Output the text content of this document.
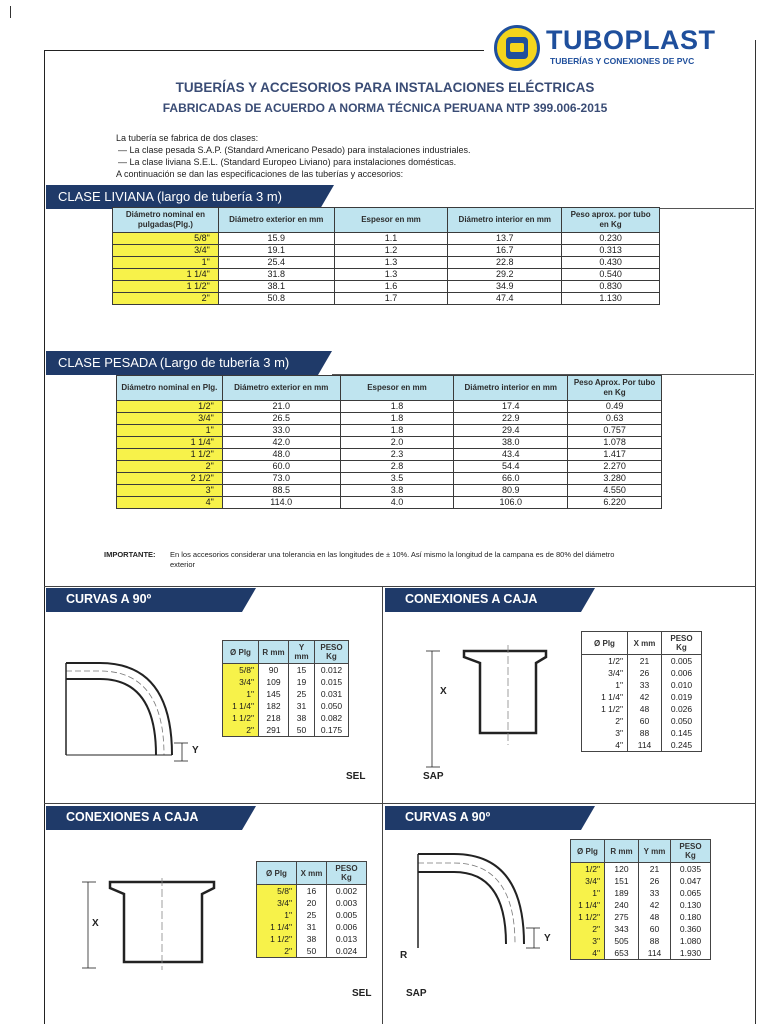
TUBOPLAST
TUBERÍAS Y CONEXIONES DE PVC
TUBERÍAS Y ACCESORIOS PARA INSTALACIONES ELÉCTRICAS
FABRICADAS DE ACUERDO A NORMA TÉCNICA PERUANA NTP 399.006-2015
La tubería se fabrica de dos clases:
— La clase pesada S.A.P. (Standard Americano Pesado) para instalaciones industriales.
— La clase liviana S.E.L. (Standard Europeo Liviano) para instalaciones domésticas.
A continuación se dan las especificaciones de las tuberías y accesorios:
CLASE LIVIANA (largo de tubería 3 m)
Diámetro nominal en pulgadas(Plg.)	Diámetro exterior en mm	Espesor en mm	Diámetro interior en mm	Peso aprox. por tubo en Kg
5/8"	15.9	1.1	13.7	0.230
3/4"	19.1	1.2	16.7	0.313
1"	25.4	1.3	22.8	0.430
1 1/4"	31.8	1.3	29.2	0.540
1 1/2"	38.1	1.6	34.9	0.830
2"	50.8	1.7	47.4	1.130
CLASE PESADA (Largo de tubería 3 m)
Diámetro nominal en Plg.	Diámetro exterior en mm	Espesor en mm	Diámetro interior en mm	Peso Aprox. Por tubo en Kg
1/2"	21.0	1.8	17.4	0.49
3/4"	26.5	1.8	22.9	0.63
1"	33.0	1.8	29.4	0.757
1 1/4"	42.0	2.0	38.0	1.078
1 1/2"	48.0	2.3	43.4	1.417
2"	60.0	2.8	54.4	2.270
2 1/2"	73.0	3.5	66.0	3.280
3"	88.5	3.8	80.9	4.550
4"	114.0	4.0	106.0	6.220
IMPORTANTE: En los accesorios considerar una tolerancia en las longitudes de ± 10%. Así mismo la longitud de la campana es de 80% del diámetro exterior
CURVAS A 90º
Y
Ø Plg	R mm	Y mm	PESO Kg
5/8"	90	15	0.012
3/4"	109	19	0.015
1"	145	25	0.031
1 1/4"	182	31	0.050
1 1/2"	218	38	0.082
2"	291	50	0.175
SEL
CONEXIONES A CAJA
X
Ø Plg	X mm	PESO Kg
1/2"	21	0.005
3/4"	26	0.006
1"	33	0.010
1 1/4"	42	0.019
1 1/2"	48	0.026
2"	60	0.050
3"	88	0.145
4"	114	0.245
SAP
CONEXIONES A CAJA
X
Ø Plg	X mm	PESO Kg
5/8"	16	0.002
3/4"	20	0.003
1"	25	0.005
1 1/4"	31	0.006
1 1/2"	38	0.013
2"	50	0.024
SEL
CURVAS A 90º
Y
R
Ø Plg	R mm	Y mm	PESO Kg
1/2"	120	21	0.035
3/4"	151	26	0.047
1"	189	33	0.065
1 1/4"	240	42	0.130
1 1/2"	275	48	0.180
2"	343	60	0.360
3"	505	88	1.080
4"	653	114	1.930
SAP
